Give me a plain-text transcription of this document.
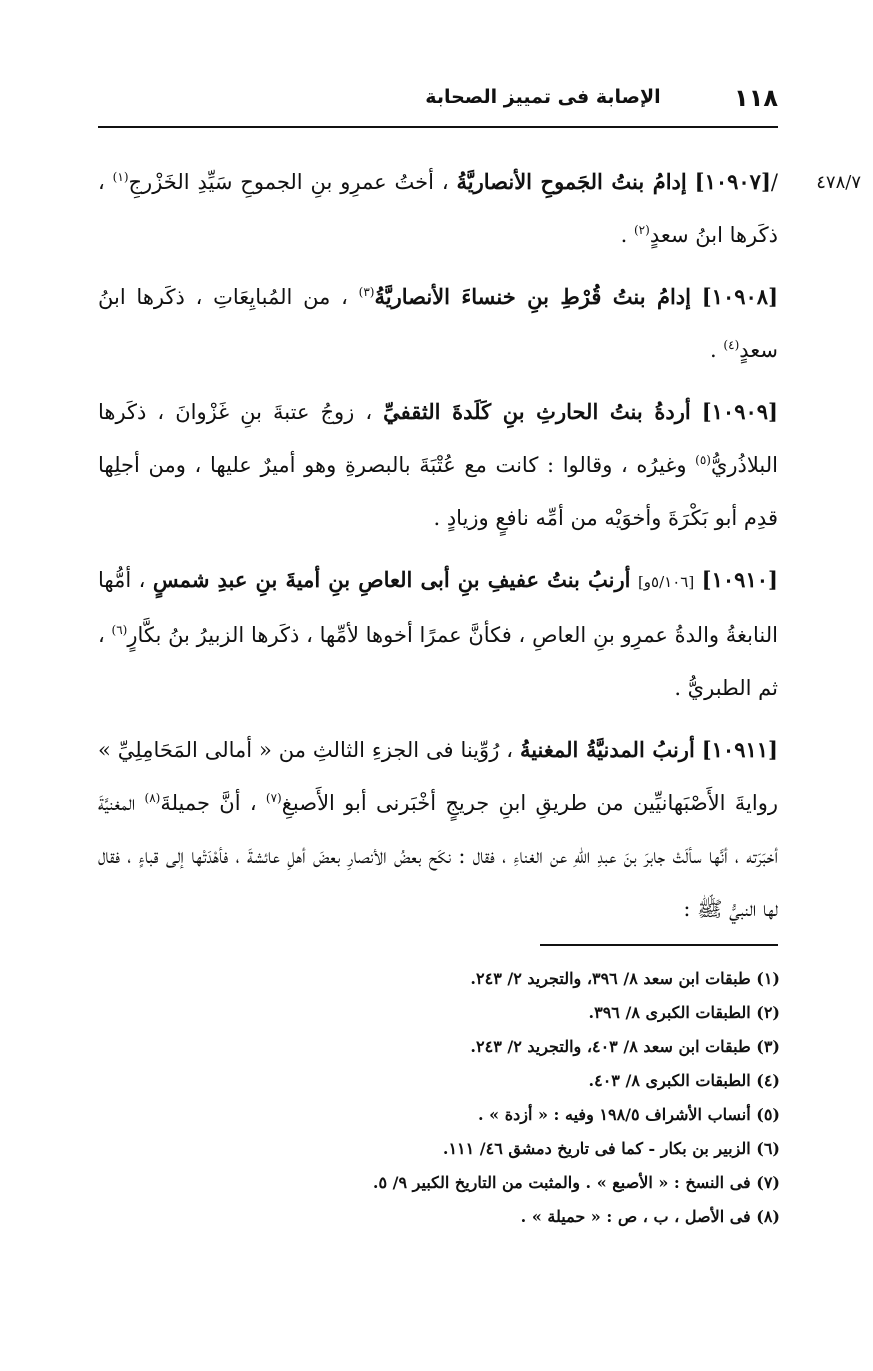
١١٨
الإصابة فى تمييز الصحابة
٤٧٨/٧

/[١٠٩٠٧] إدامُ بنتُ الجَموحِ الأنصاريَّةُ ، أختُ عمرِو بنِ الجموحِ سَيِّدِ الخَزْرجِ$^{(١)}$ ، ذكَرها ابنُ سعدٍ$^{(٢)}$ .

[١٠٩٠٨] إدامُ بنتُ قُرْطِ بنِ خنساءَ الأنصاريَّةُ$^{(٣)}$ ، من المُبايِعَاتِ ، ذكَرها ابنُ سعدٍ$^{(٤)}$ .

[١٠٩٠٩] أردةُ بنتُ الحارثِ بنِ كَلَدةَ الثقفيِّ ، زوجُ عتبةَ بنِ غَزْوانَ ، ذكَرها البلاذُريُّ$^{(٥)}$ وغيرُه ، وقالوا : كانت مع عُتْبَةَ بالبصرةِ وهو أميرٌ عليها ، ومن أجلِها قدِم أبو بَكْرَةَ وأخوَيْه من أمِّه نافعٍ وزيادٍ .

[١٠٩١٠] [٥/١٠٦و] أرنبُ بنتُ عفيفِ بنِ أبى العاصِ بنِ أميةَ بنِ عبدِ شمسٍ ، أمُّها النابغةُ والدةُ عمرِو بنِ العاصِ ، فكأنَّ عمرًا أخوها لأمِّها ، ذكَرها الزبيرُ بنُ بكَّارٍ$^{(٦)}$ ، ثم الطبريُّ .

[١٠٩١١] أرنبُ المدنيَّةُ المغنيةُ ، رُوِّينا فى الجزءِ الثالثِ من « أمالى المَحَامِلِيِّ » روايةَ الأَصْبَهانيِّين من طريقِ ابنِ جريجٍ أخْبَرنى أبو الأَصبغِ$^{(٧)}$ ، أنَّ جميلةَ$^{(٨)}$ المغنيَّةَ أخبَرَته ، أنَّها سألَتْ جابرَ بنَ عبدِ اللهِ عن الغناءِ ، فقال : نكَح بعضُ الأنصارِ بعضَ أهلِ عائشةَ ، فأهْدَتْها إلى قباءٍ ، فقال لها النبيُّ ﷺ :

(١) طبقات ابن سعد ٨/ ٣٩٦، والتجريد ٢/ ٢٤٣.

(٢) الطبقات الكبرى ٨/ ٣٩٦.

(٣) طبقات ابن سعد ٨/ ٤٠٣، والتجريد ٢/ ٢٤٣.

(٤) الطبقات الكبرى ٨/ ٤٠٣.

(٥) أنساب الأشراف ١٩٨/٥ وفيه : « أزدة » .

(٦) الزبير بن بكار - كما فى تاريخ دمشق ٤٦/ ١١١.

(٧) فى النسخ : « الأصبع » . والمثبت من التاريخ الكبير ٩/ ٥.

(٨) فى الأصل ، ب ، ص : « حميلة » .
